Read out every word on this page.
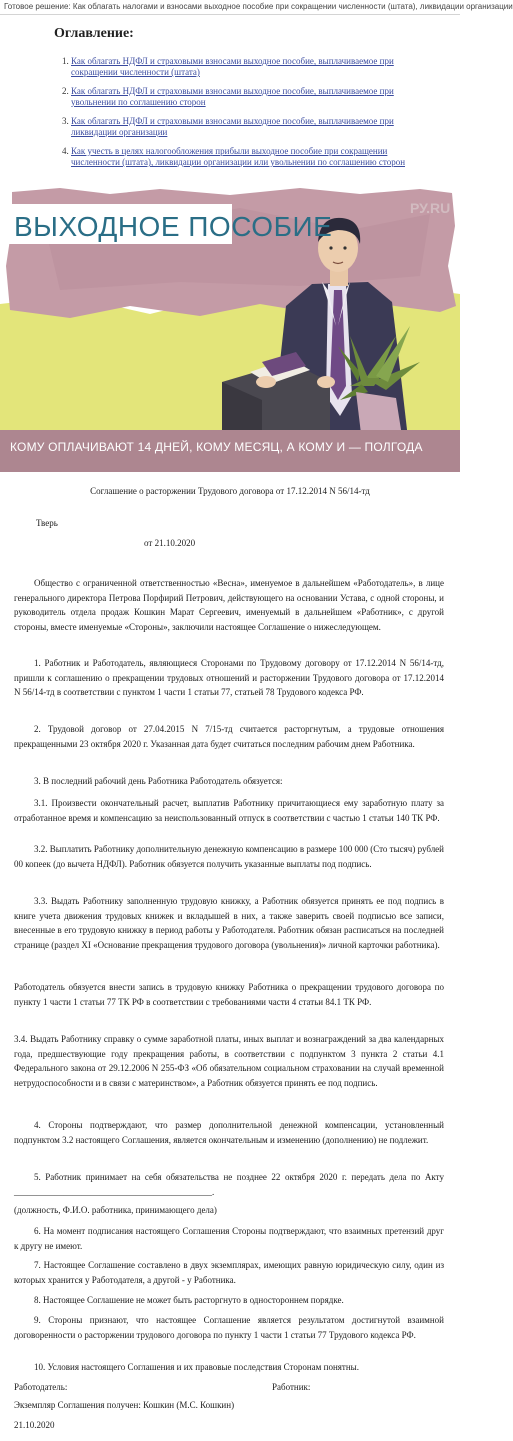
Готовое решение: Как облагать налогами и взносами выходное пособие при сокращении численности (штата), ликвидации организации
Оглавление:
1. Как облагать НДФЛ и страховыми взносами выходное пособие, выплачиваемое при сокращении численности (штата)
2. Как облагать НДФЛ и страховыми взносами выходное пособие, выплачиваемое при увольнении по соглашению сторон
3. Как облагать НДФЛ и страховыми взносами выходное пособие, выплачиваемое при ликвидации организации
4. Как учесть в целях налогообложения прибыли выходное пособие при сокращении численности (штата), ликвидации организации или увольнении по соглашению сторон
ВЫХОДНОЕ ПОСОБИЕ
РУ.RU
КОМУ ОПЛАЧИВАЮТ 14 ДНЕЙ, КОМУ МЕСЯЦ, А КОМУ И — ПОЛГОДА
Соглашение о расторжении Трудового договора от 17.12.2014 N 56/14-тд
Тверь
от 21.10.2020
Общество с ограниченной ответственностью «Весна», именуемое в дальнейшем «Работодатель», в лице генерального директора Петрова Порфирий Петрович, действующего на основании Устава, с одной стороны, и руководитель отдела продаж Кошкин Марат Сергеевич, именуемый в дальнейшем «Работник», с другой стороны, вместе именуемые «Стороны», заключили настоящее Соглашение о нижеследующем.
1. Работник и Работодатель, являющиеся Сторонами по Трудовому договору от 17.12.2014 N 56/14-тд, пришли к соглашению о прекращении трудовых отношений и расторжении Трудового договора от 17.12.2014 N 56/14-тд в соответствии с пунктом 1 части 1 статьи 77, статьей 78 Трудового кодекса РФ.
2. Трудовой договор от 27.04.2015 N 7/15-тд считается расторгнутым, а трудовые отношения прекращенными 23 октября 2020 г. Указанная дата будет считаться последним рабочим днем Работника.
3. В последний рабочий день Работника Работодатель обязуется:
3.1. Произвести окончательный расчет, выплатив Работнику причитающиеся ему заработную плату за отработанное время и компенсацию за неиспользованный отпуск в соответствии с частью 1 статьи 140 ТК РФ.
3.2. Выплатить Работнику дополнительную денежную компенсацию в размере 100 000 (Сто тысяч) рублей 00 копеек (до вычета НДФЛ). Работник обязуется получить указанные выплаты под подпись.
3.3. Выдать Работнику заполненную трудовую книжку, а Работник обязуется принять ее под подпись в книге учета движения трудовых книжек и вкладышей в них, а также заверить своей подписью все записи, внесенные в его трудовую книжку в период работы у Работодателя. Работник обязан расписаться на последней странице (раздел XI «Основание прекращения трудового договора (увольнения)» личной карточки работника).
Работодатель обязуется внести запись в трудовую книжку Работника о прекращении трудового договора по пункту 1 части 1 статьи 77 ТК РФ в соответствии с требованиями части 4 статьи 84.1 ТК РФ.
3.4. Выдать Работнику справку о сумме заработной платы, иных выплат и вознаграждений за два календарных года, предшествующие году прекращения работы, в соответствии с подпунктом 3 пункта 2 статьи 4.1 Федерального закона от 29.12.2006 N 255-ФЗ «Об обязательном социальном страховании на случай временной нетрудоспособности и в связи с материнством», а Работник обязуется принять ее под подпись.
4. Стороны подтверждают, что размер дополнительной денежной компенсации, установленный подпунктом 3.2 настоящего Соглашения, является окончательным и изменению (дополнению) не подлежит.
5. Работник принимает на себя обязательства не позднее 22 октября 2020 г. передать дела по Акту ____________________________________________.
(должность, Ф.И.О. работника, принимающего дела)
6. На момент подписания настоящего Соглашения Стороны подтверждают, что взаимных претензий друг к другу не имеют.
7. Настоящее Соглашение составлено в двух экземплярах, имеющих равную юридическую силу, один из которых хранится у Работодателя, а другой - у Работника.
8. Настоящее Соглашение не может быть расторгнуто в одностороннем порядке.
9. Стороны признают, что настоящее Соглашение является результатом достигнутой взаимной договоренности о расторжении трудового договора по пункту 1 части 1 статьи 77 Трудового кодекса РФ.
10. Условия настоящего Соглашения и их правовые последствия Сторонам понятны.
Работодатель:	Работник:
Экземпляр Соглашения получен: Кошкин (М.С. Кошкин)
21.10.2020
